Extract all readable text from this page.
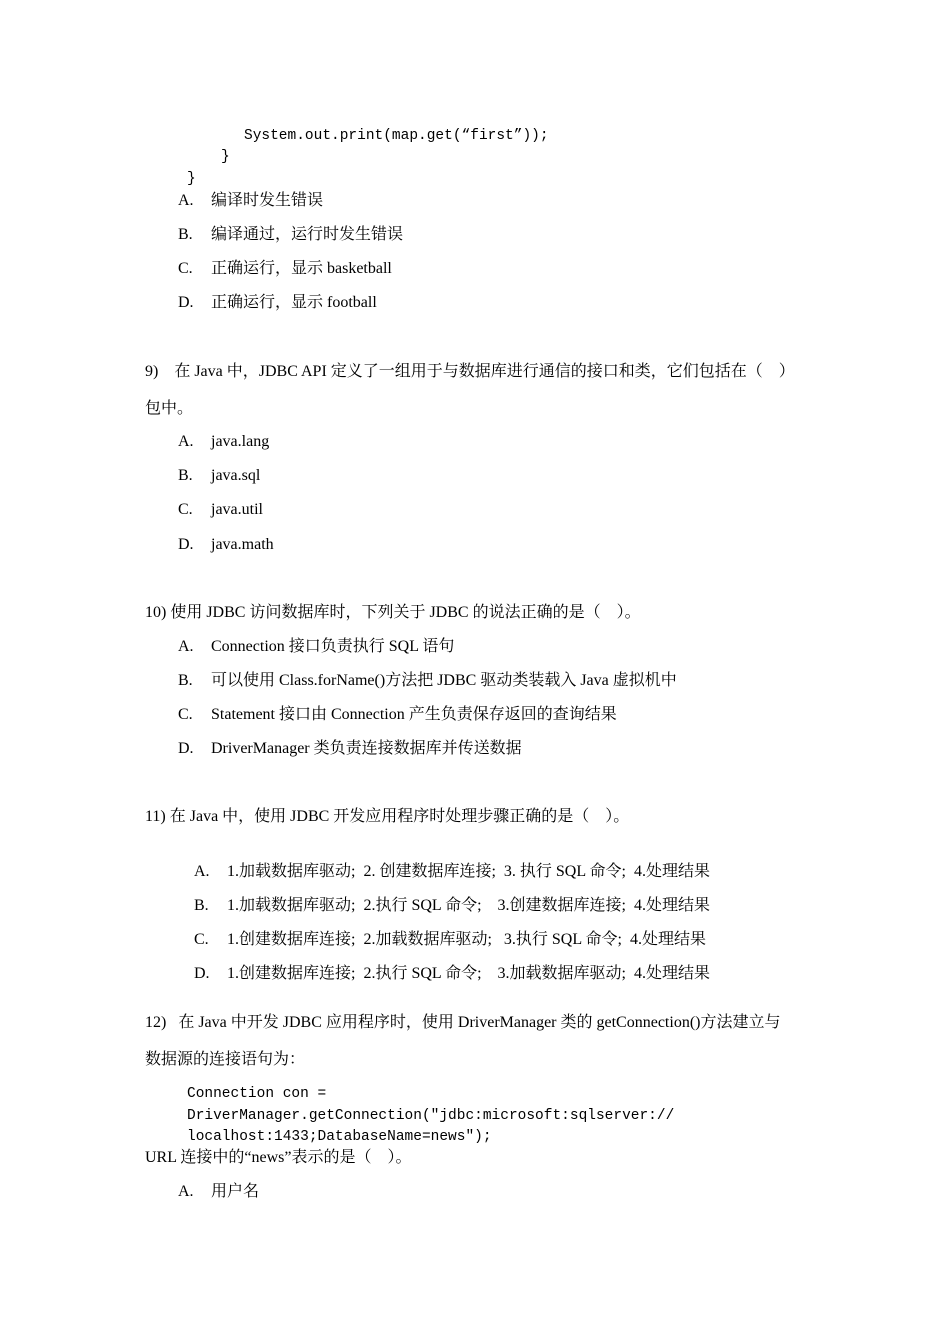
System.out.print(map.get(“first”));
}
}
A. 编译时发生错误
B. 编译通过，运行时发生错误
C. 正确运行，显示 basketball
D. 正确运行，显示 football
9)    在 Java 中，JDBC API 定义了一组用于与数据库进行通信的接口和类，它们包括在（    ）
包中。
A. java.lang
B. java.sql
C. java.util
D. java.math
10) 使用 JDBC 访问数据库时，下列关于 JDBC 的说法正确的是（    ）。
A. Connection 接口负责执行 SQL 语句
B. 可以使用 Class.forName()方法把 JDBC 驱动类装载入 Java 虚拟机中
C. Statement 接口由 Connection 产生负责保存返回的查询结果
D. DriverManager 类负责连接数据库并传送数据
11) 在 Java 中，使用 JDBC 开发应用程序时处理步骤正确的是（    ）。

A. 1.加载数据库驱动;  2. 创建数据库连接;  3. 执行 SQL 命令;  4.处理结果

B. 1.加载数据库驱动;  2.执行 SQL 命令;    3.创建数据库连接;  4.处理结果

C. 1.创建数据库连接;  2.加载数据库驱动;   3.执行 SQL 命令;  4.处理结果

D. 1.创建数据库连接;  2.执行 SQL 命令;    3.加载数据库驱动;  4.处理结果

12)   在 Java 中开发 JDBC 应用程序时，使用 DriverManager 类的 getConnection()方法建立与
数据源的连接语句为：
Connection con =
DriverManager.getConnection("jdbc:microsoft:sqlserver://
localhost:1433;DatabaseName=news");
URL 连接中的“news”表示的是（    ）。
A. 用户名
